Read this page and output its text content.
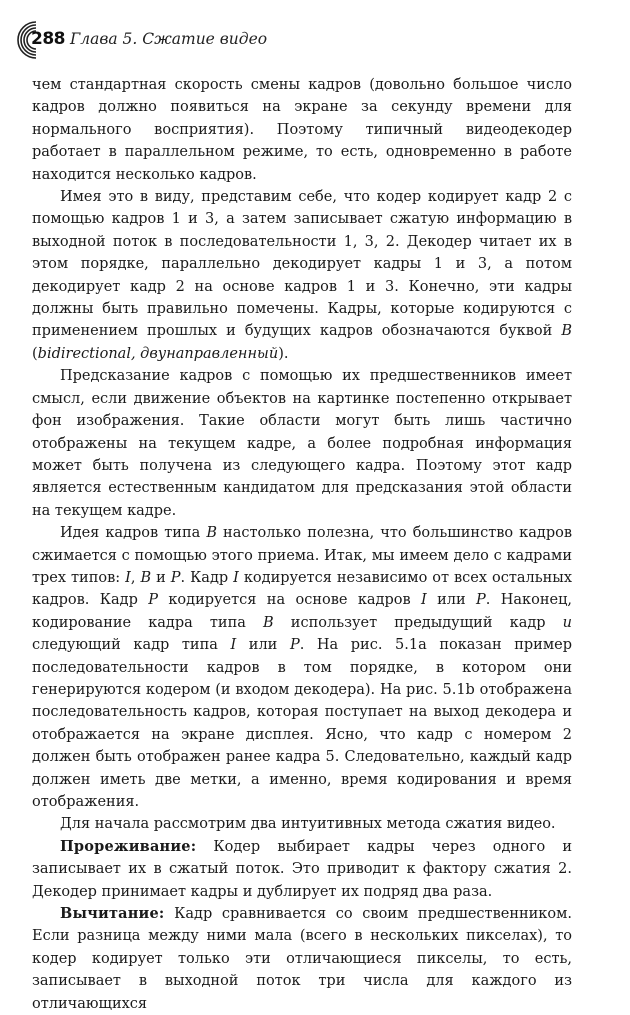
288 Глава 5. Сжатие видео

чем стандартная скорость смены кадров (довольно большое число кадров должно появиться на экране за секунду времени для нормального восприятия). Поэтому типичный видеодекодер работает в параллельном режиме, то есть, одновременно в работе находится несколько кадров.

Имея это в виду, представим себе, что кодер кодирует кадр 2 с помощью кадров 1 и 3, а затем записывает сжатую информацию в выходной поток в последовательности 1, 3, 2. Декодер читает их в этом порядке, параллельно декодирует кадры 1 и 3, а потом декодирует кадр 2 на основе кадров 1 и 3. Конечно, эти кадры должны быть правильно помечены. Кадры, которые кодируются с применением прошлых и будущих кадров обозначаются буквой B (bidirectional, двунаправленный).

Предсказание кадров с помощью их предшественников имеет смысл, если движение объектов на картинке постепенно открывает фон изображения. Такие области могут быть лишь частично отображены на текущем кадре, а более подробная информация может быть получена из следующего кадра. Поэтому этот кадр является естественным кандидатом для предсказания этой области на текущем кадре.

Идея кадров типа B настолько полезна, что большинство кадров сжимается с помощью этого приема. Итак, мы имеем дело с кадрами трех типов: I, B и P. Кадр I кодируется независимо от всех остальных кадров. Кадр P кодируется на основе кадров I или P. Наконец, кодирование кадра типа B использует предыдущий кадр и следующий кадр типа I или P. На рис. 5.1a показан пример последовательности кадров в том порядке, в котором они генерируются кодером (и входом декодера). На рис. 5.1b отображена последовательность кадров, которая поступает на выход декодера и отображается на экране дисплея. Ясно, что кадр с номером 2 должен быть отображен ранее кадра 5. Следовательно, каждый кадр должен иметь две метки, а именно, время кодирования и время отображения.

Для начала рассмотрим два интуитивных метода сжатия видео.

Прореживание: Кодер выбирает кадры через одного и записывает их в сжатый поток. Это приводит к фактору сжатия 2. Декодер принимает кадры и дублирует их подряд два раза.

Вычитание: Кадр сравнивается со своим предшественником. Если разница между ними мала (всего в нескольких пикселах), то кодер кодирует только эти отличающиеся пикселы, то есть, записывает в выходной поток три числа для каждого из отличающихся
